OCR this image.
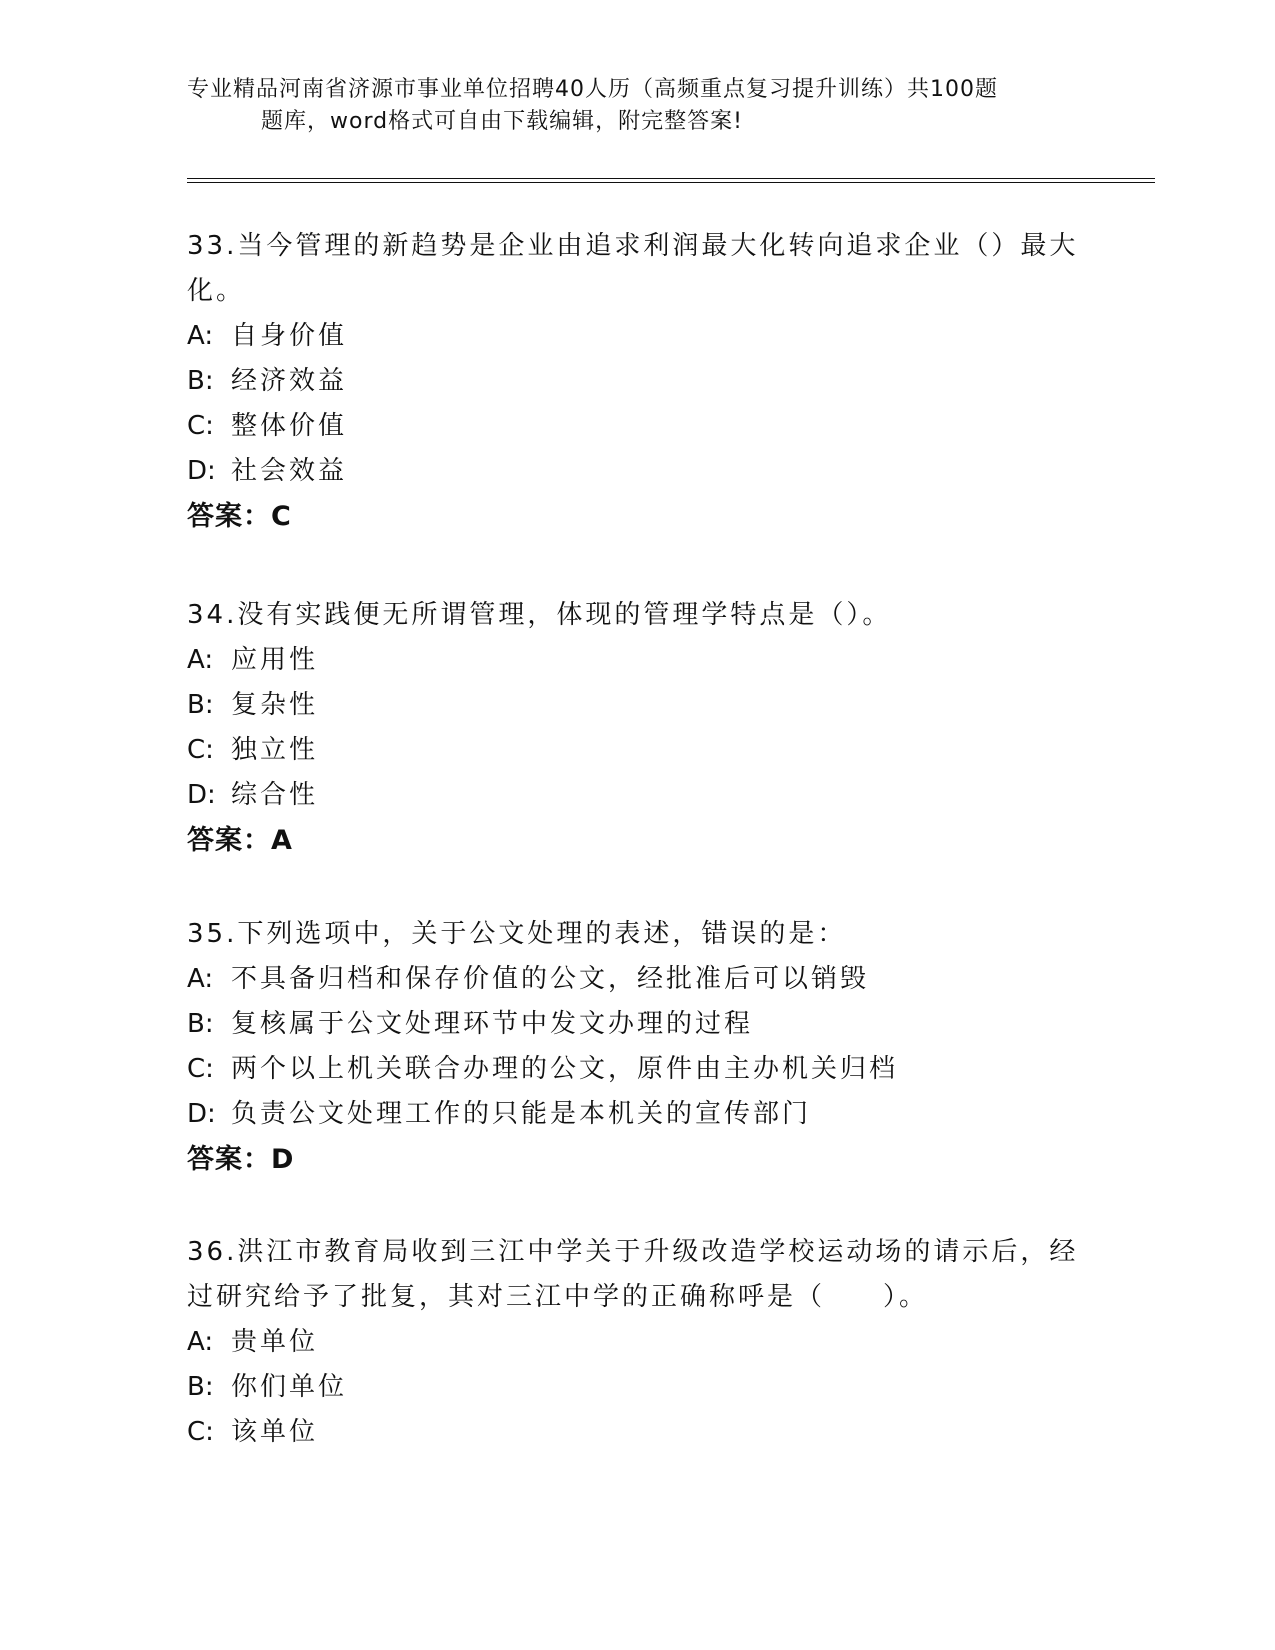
专业精品河南省济源市事业单位招聘40人历（高频重点复习提升训练）共100题
题库，word格式可自由下载编辑，附完整答案!

33.当今管理的新趋势是企业由追求利润最大化转向追求企业（）最大化。

A: 自身价值

B: 经济效益

C: 整体价值

D: 社会效益

答案：C

34.没有实践便无所谓管理，体现的管理学特点是（）。

A: 应用性

B: 复杂性

C: 独立性

D: 综合性

答案：A

35.下列选项中，关于公文处理的表述，错误的是：

A: 不具备归档和保存价值的公文，经批准后可以销毁

B: 复核属于公文处理环节中发文办理的过程

C: 两个以上机关联合办理的公文，原件由主办机关归档

D: 负责公文处理工作的只能是本机关的宣传部门

答案：D

36.洪江市教育局收到三江中学关于升级改造学校运动场的请示后，经过研究给予了批复，其对三江中学的正确称呼是（　　）。

A: 贵单位

B: 你们单位

C: 该单位
